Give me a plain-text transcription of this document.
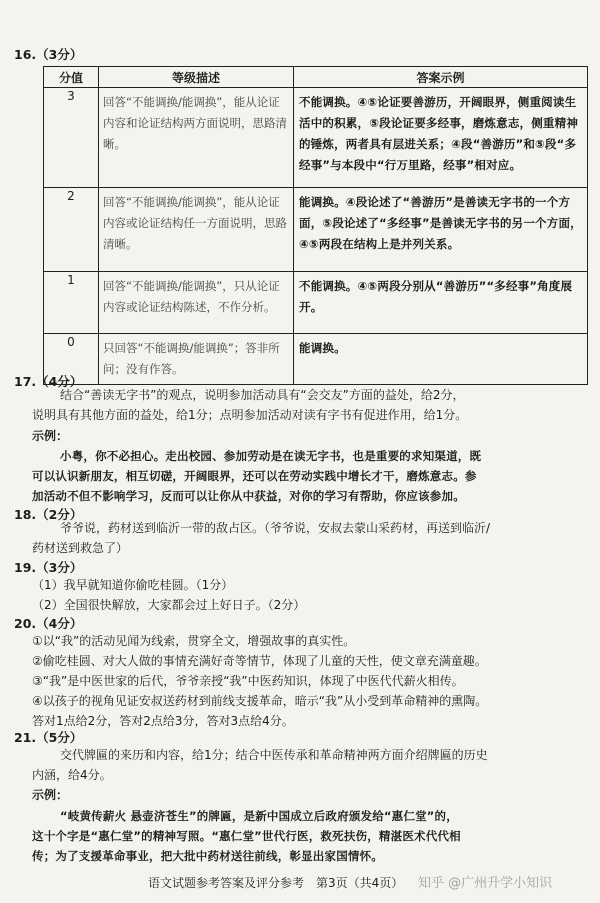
16.（3分）
分值	等级描述	答案示例
3	回答“不能调换/能调换”，能从论证内容和论证结构两方面说明，思路清晰。	不能调换。④⑤论证要善游历，开阔眼界，侧重阅读生活中的积累，⑤段论证要多经事，磨炼意志，侧重精神的锤炼，两者具有层进关系；④段“善游历”和⑤段“多经事”与本段中“行万里路，经事”相对应。
2	回答“不能调换/能调换”，能从论证内容或论证结构任一方面说明，思路清晰。	能调换。④段论述了“善游历”是善读无字书的一个方面，⑤段论述了“多经事”是善读无字书的另一个方面，④⑤两段在结构上是并列关系。
1	回答“不能调换/能调换”，只从论证内容或论证结构陈述，不作分析。	不能调换。④⑤两段分别从“善游历”“多经事”角度展开。
0	只回答“不能调换/能调换”；答非所问；没有作答。	能调换。
17.（4分）
结合“善读无字书”的观点，说明参加活动具有“会交友”方面的益处，给2分，
说明具有其他方面的益处，给1分；点明参加活动对读有字书有促进作用，给1分。
示例：
小粤，你不必担心。走出校园、参加劳动是在读无字书，也是重要的求知渠道，既
可以认识新朋友，相互切磋，开阔眼界，还可以在劳动实践中增长才干，磨炼意志。参
加活动不但不影响学习，反而可以让你从中获益，对你的学习有帮助，你应该参加。
18.（2分）
爷爷说，药材送到临沂一带的敌占区。（爷爷说，安叔去蒙山采药材，再送到临沂/
药材送到救急了）
19.（3分）
（1）我早就知道你偷吃桂圆。（1分）
（2）全国很快解放，大家都会过上好日子。（2分）
20.（4分）
①以“我”的活动见闻为线索，贯穿全文，增强故事的真实性。
②偷吃桂圆、对大人做的事情充满好奇等情节，体现了儿童的天性，使文章充满童趣。
③“我”是中医世家的后代，爷爷亲授“我”中医药知识，体现了中医代代薪火相传。
④以孩子的视角见证安叔送药材到前线支援革命，暗示“我”从小受到革命精神的熏陶。
答对1点给2分，答对2点给3分，答对3点给4分。
21.（5分）
交代牌匾的来历和内容，给1分；结合中医传承和革命精神两方面介绍牌匾的历史
内涵，给4分。
示例：
“岐黄传薪火 悬壶济苍生”的牌匾，是新中国成立后政府颁发给“惠仁堂”的，
这十个字是“惠仁堂”的精神写照。“惠仁堂”世代行医，救死扶伤，精湛医术代代相
传；为了支援革命事业，把大批中药材送往前线，彰显出家国情怀。
语文试题参考答案及评分参考　第3页（共4页） 知乎 @广州升学小知识
